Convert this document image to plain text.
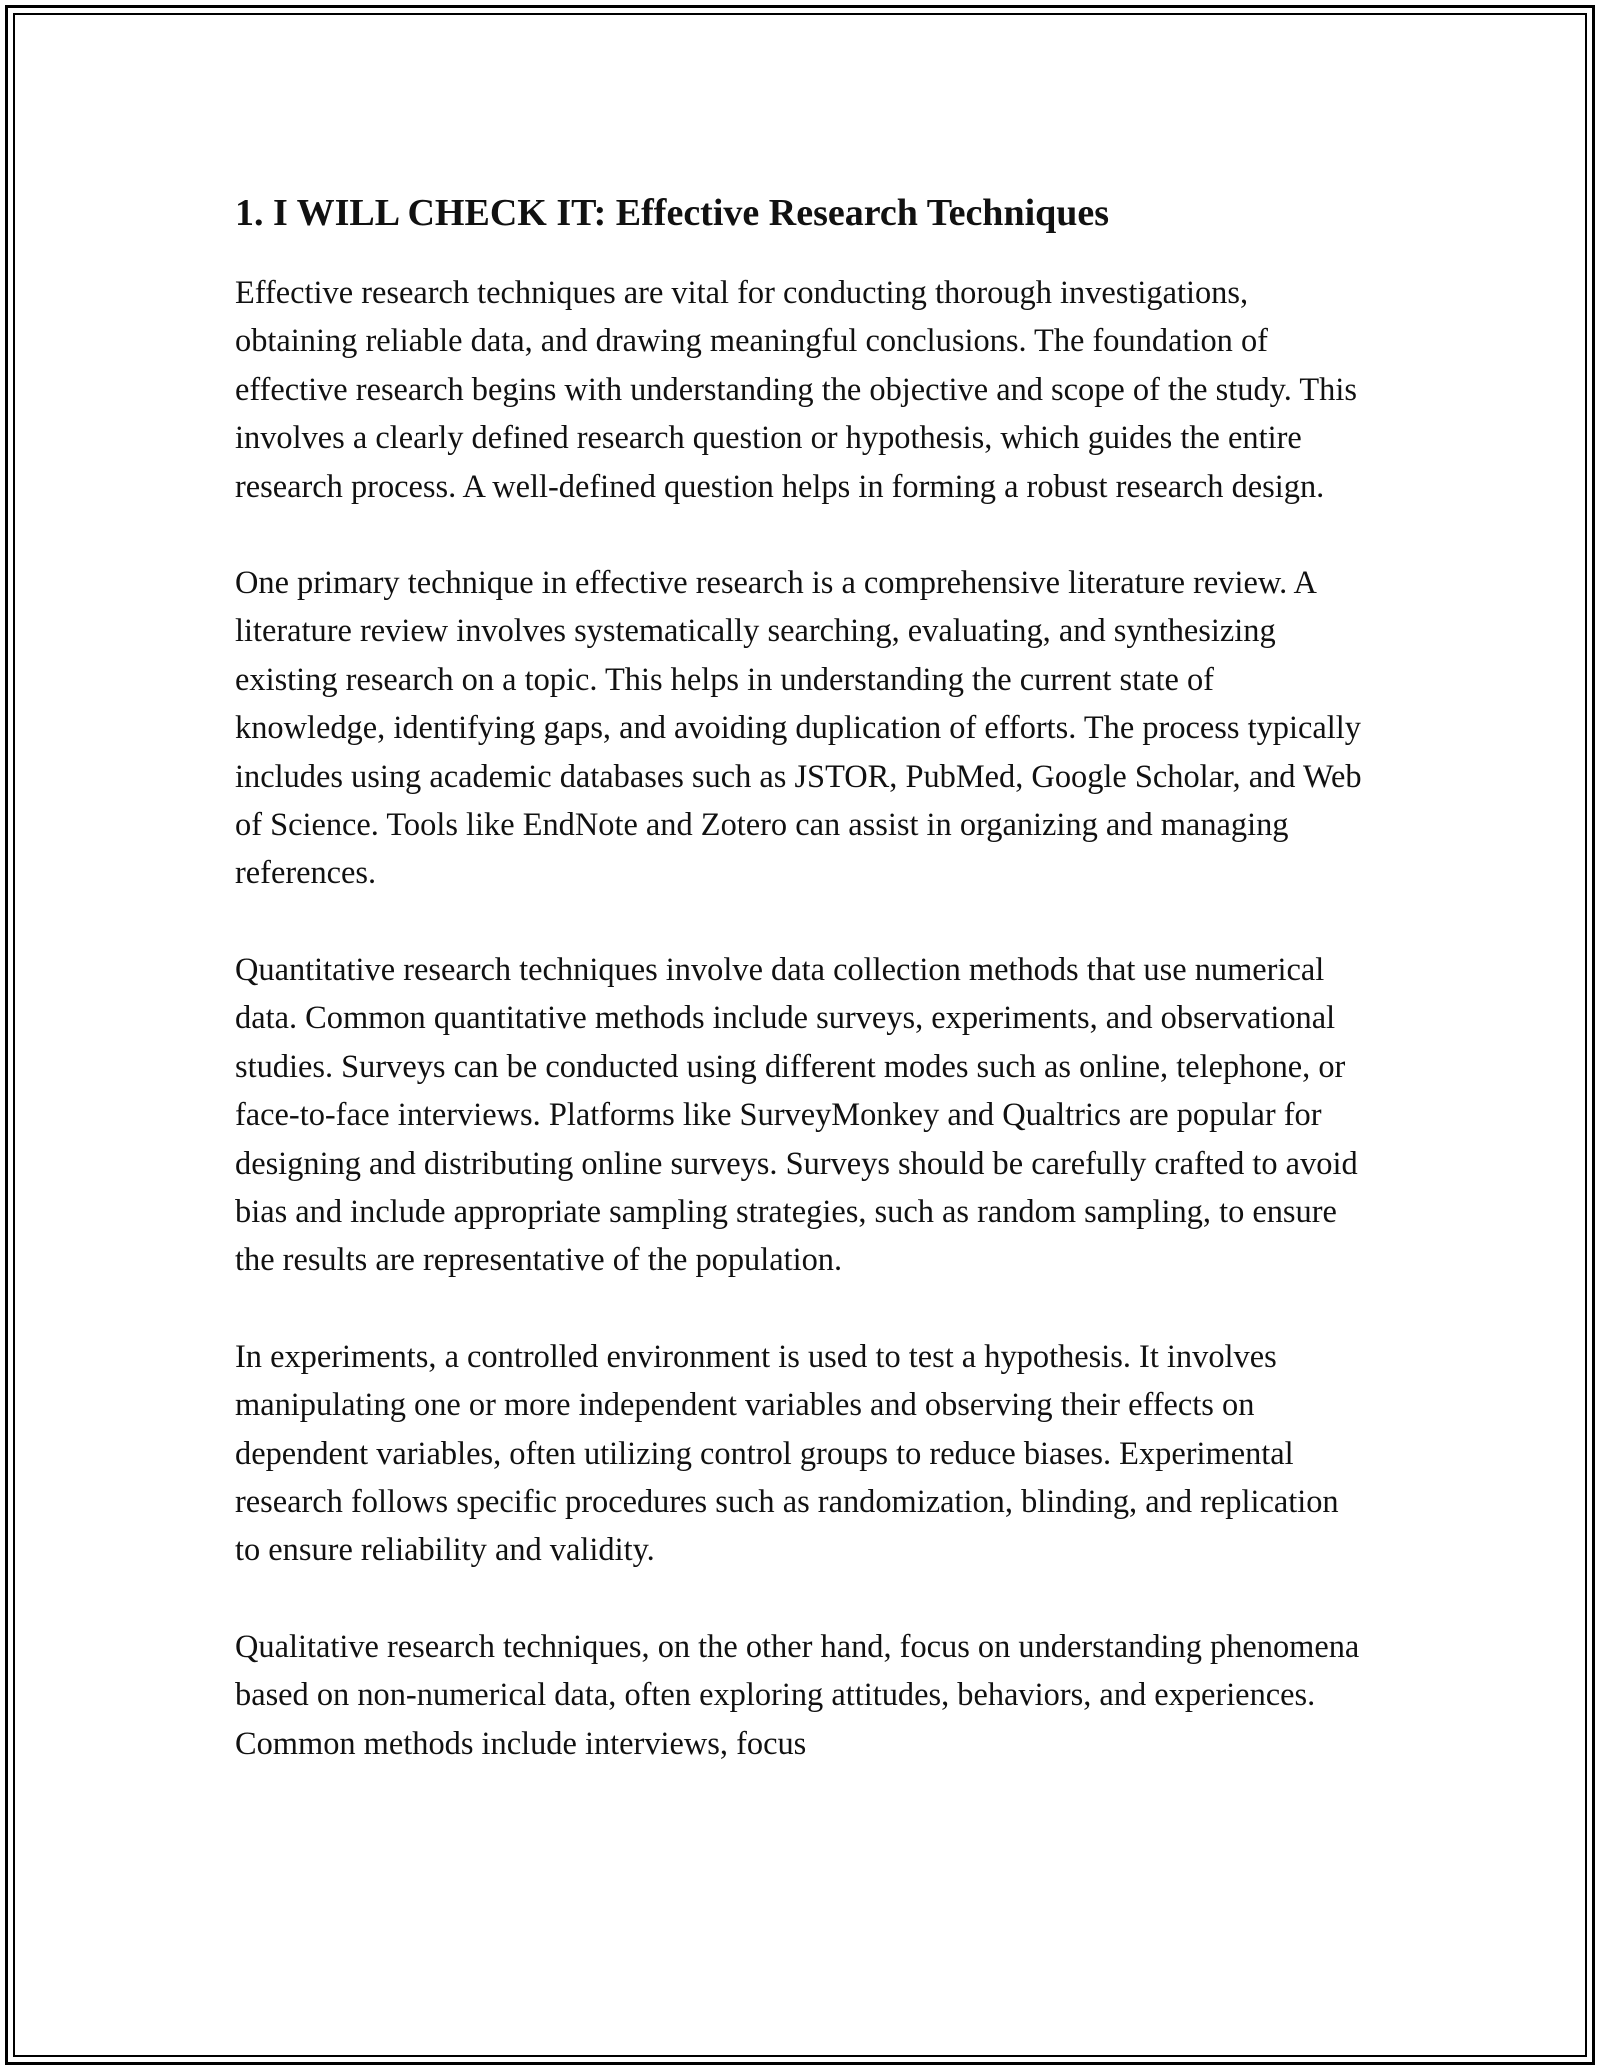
1. I WILL CHECK IT: Effective Research Techniques

Effective research techniques are vital for conducting thorough investigations, obtaining reliable data, and drawing meaningful conclusions. The foundation of effective research begins with understanding the objective and scope of the study. This involves a clearly defined research question or hypothesis, which guides the entire research process. A well-defined question helps in forming a robust research design.

One primary technique in effective research is a comprehensive literature review. A literature review involves systematically searching, evaluating, and synthesizing existing research on a topic. This helps in understanding the current state of knowledge, identifying gaps, and avoiding duplication of efforts. The process typically includes using academic databases such as JSTOR, PubMed, Google Scholar, and Web of Science. Tools like EndNote and Zotero can assist in organizing and managing references.

Quantitative research techniques involve data collection methods that use numerical data. Common quantitative methods include surveys, experiments, and observational studies. Surveys can be conducted using different modes such as online, telephone, or face-to-face interviews. Platforms like SurveyMonkey and Qualtrics are popular for designing and distributing online surveys. Surveys should be carefully crafted to avoid bias and include appropriate sampling strategies, such as random sampling, to ensure the results are representative of the population.

In experiments, a controlled environment is used to test a hypothesis. It involves manipulating one or more independent variables and observing their effects on dependent variables, often utilizing control groups to reduce biases. Experimental research follows specific procedures such as randomization, blinding, and replication to ensure reliability and validity.

Qualitative research techniques, on the other hand, focus on understanding phenomena based on non-numerical data, often exploring attitudes, behaviors, and experiences. Common methods include interviews, focus
